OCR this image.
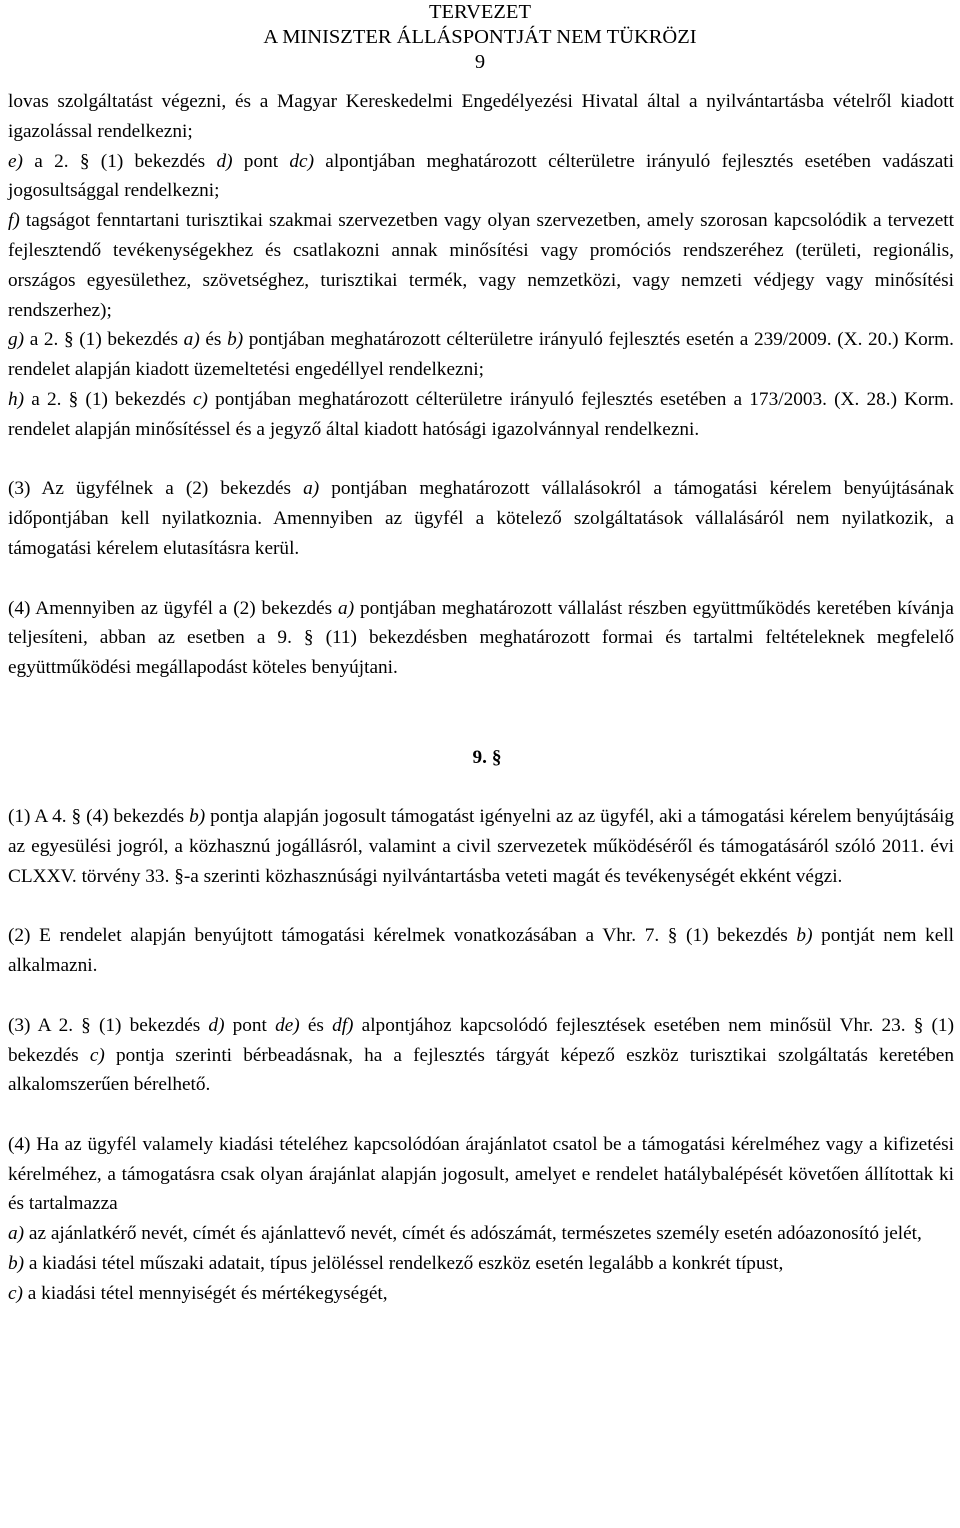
TERVEZET

A MINISZTER ÁLLÁSPONTJÁT NEM TÜKRÖZI

9

lovas szolgáltatást végezni, és a Magyar Kereskedelmi Engedélyezési Hivatal által a nyilvántartásba vételről kiadott igazolással rendelkezni;

e) a 2. § (1) bekezdés d) pont dc) alpontjában meghatározott célterületre irányuló fejlesztés esetében vadászati jogosultsággal rendelkezni;

f) tagságot fenntartani turisztikai szakmai szervezetben vagy olyan szervezetben, amely szorosan kapcsolódik a tervezett fejlesztendő tevékenységekhez és csatlakozni annak minősítési vagy promóciós rendszeréhez (területi, regionális, országos egyesülethez, szövetséghez, turisztikai termék, vagy nemzetközi, vagy nemzeti védjegy vagy minősítési rendszerhez);

g) a 2. § (1) bekezdés a) és b) pontjában meghatározott célterületre irányuló fejlesztés esetén a 239/2009. (X. 20.) Korm. rendelet alapján kiadott üzemeltetési engedéllyel rendelkezni;

h) a 2. § (1) bekezdés c) pontjában meghatározott célterületre irányuló fejlesztés esetében a 173/2003. (X. 28.) Korm. rendelet alapján minősítéssel és a jegyző által kiadott hatósági igazolvánnyal rendelkezni.

(3) Az ügyfélnek a (2) bekezdés a) pontjában meghatározott vállalásokról a támogatási kérelem benyújtásának időpontjában kell nyilatkoznia. Amennyiben az ügyfél a kötelező szolgáltatások vállalásáról nem nyilatkozik, a támogatási kérelem elutasításra kerül.

(4) Amennyiben az ügyfél a (2) bekezdés a) pontjában meghatározott vállalást részben együttműködés keretében kívánja teljesíteni, abban az esetben a 9. § (11) bekezdésben meghatározott formai és tartalmi feltételeknek megfelelő együttműködési megállapodást köteles benyújtani.

9. §

(1) A 4. § (4) bekezdés b) pontja alapján jogosult támogatást igényelni az az ügyfél, aki a támogatási kérelem benyújtásáig az egyesülési jogról, a közhasznú jogállásról, valamint a civil szervezetek működéséről és támogatásáról szóló 2011. évi CLXXV. törvény 33. §-a szerinti közhasznúsági nyilvántartásba veteti magát és tevékenységét ekként végzi.

(2) E rendelet alapján benyújtott támogatási kérelmek vonatkozásában a Vhr. 7. § (1) bekezdés b) pontját nem kell alkalmazni.

(3) A 2. § (1) bekezdés d) pont de) és df) alpontjához kapcsolódó fejlesztések esetében nem minősül Vhr. 23. § (1) bekezdés c) pontja szerinti bérbeadásnak, ha a fejlesztés tárgyát képező eszköz turisztikai szolgáltatás keretében alkalomszerűen bérelhető.

(4) Ha az ügyfél valamely kiadási tételéhez kapcsolódóan árajánlatot csatol be a támogatási kérelméhez vagy a kifizetési kérelméhez, a támogatásra csak olyan árajánlat alapján jogosult, amelyet e rendelet hatálybalépését követően állítottak ki és tartalmazza

a) az ajánlatkérő nevét, címét és ajánlattevő nevét, címét és adószámát, természetes személy esetén adóazonosító jelét,

b) a kiadási tétel műszaki adatait, típus jelöléssel rendelkező eszköz esetén legalább a konkrét típust,

c) a kiadási tétel mennyiségét és mértékegységét,
